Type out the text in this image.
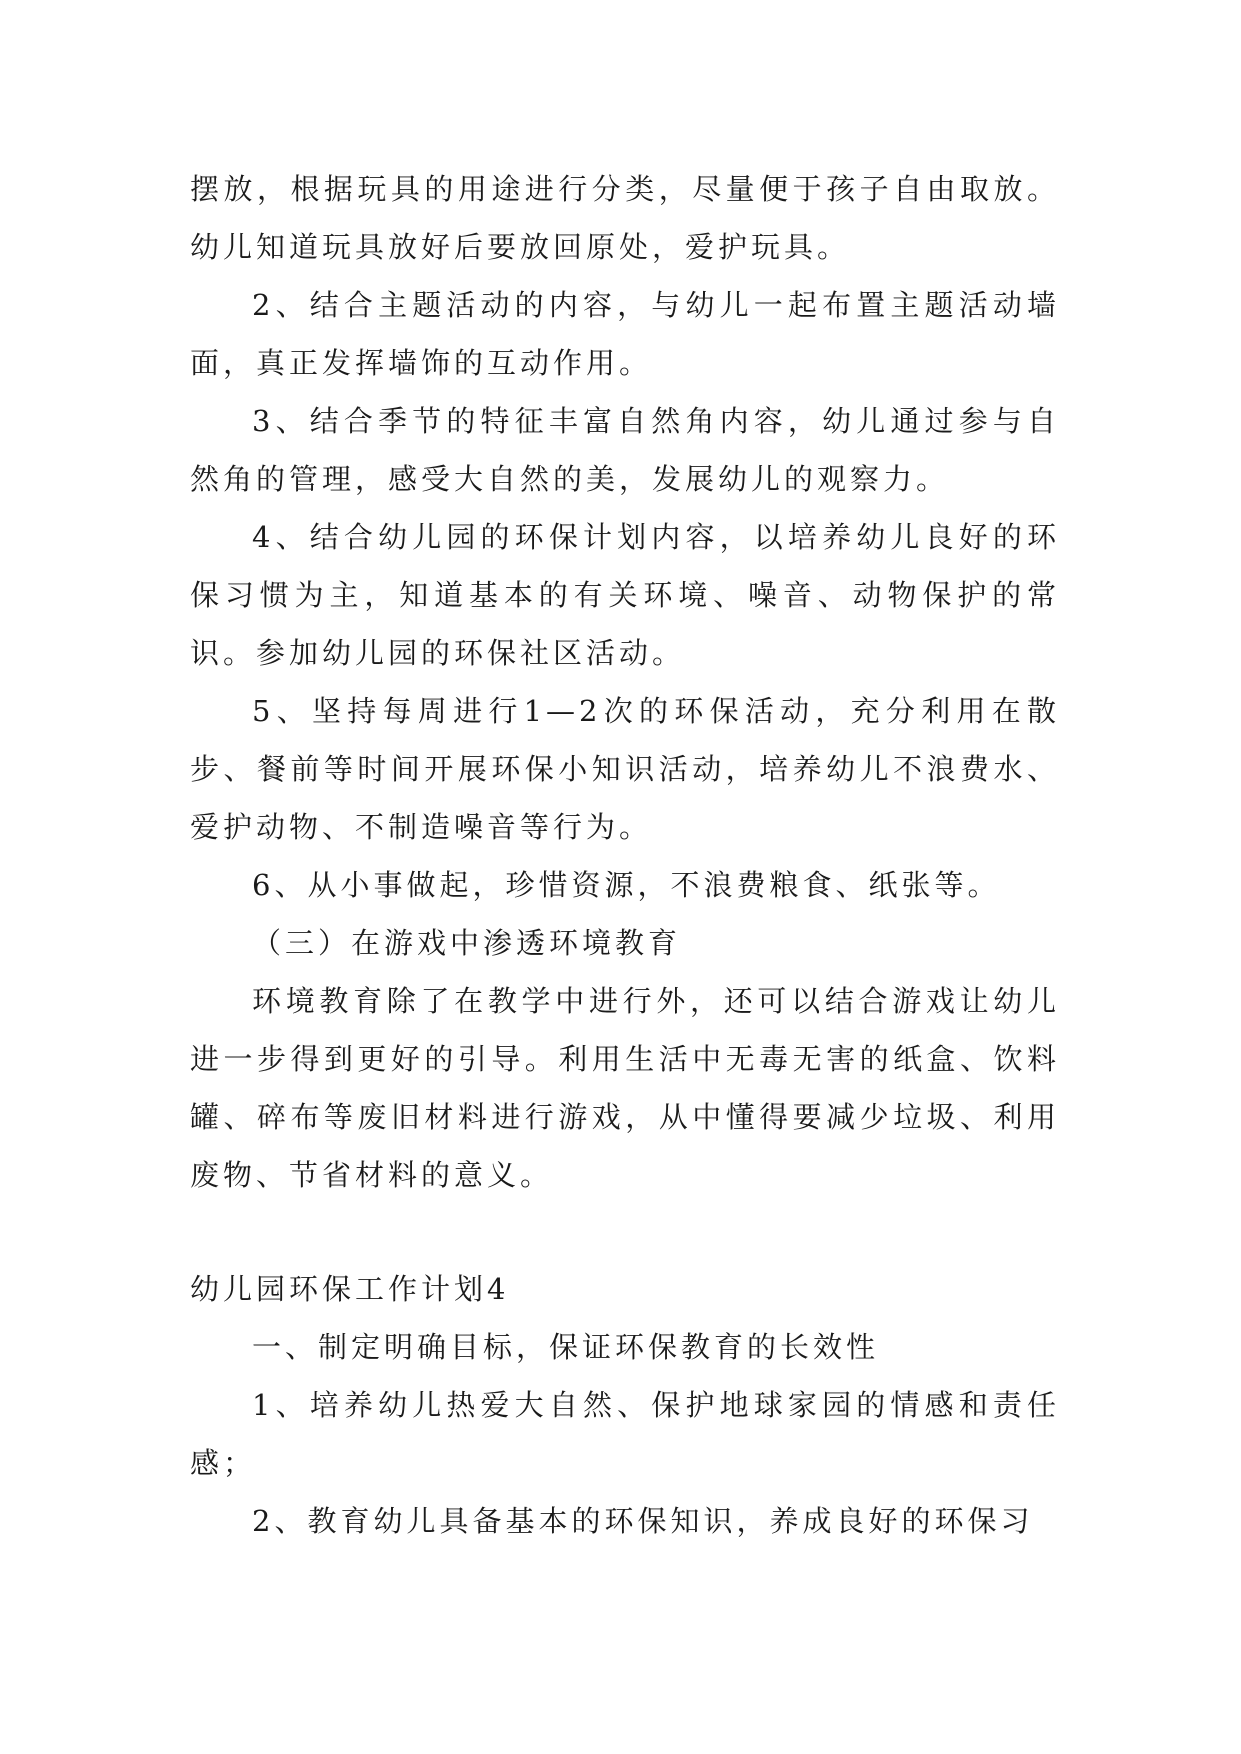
摆放，根据玩具的用途进行分类，尽量便于孩子自由取放。幼儿知道玩具放好后要放回原处，爱护玩具。

2、结合主题活动的内容，与幼儿一起布置主题活动墙面，真正发挥墙饰的互动作用。

3、结合季节的特征丰富自然角内容，幼儿通过参与自然角的管理，感受大自然的美，发展幼儿的观察力。

4、结合幼儿园的环保计划内容，以培养幼儿良好的环保习惯为主，知道基本的有关环境、噪音、动物保护的常识。参加幼儿园的环保社区活动。

5、坚持每周进行1—2次的环保活动，充分利用在散步、餐前等时间开展环保小知识活动，培养幼儿不浪费水、爱护动物、不制造噪音等行为。

6、从小事做起，珍惜资源，不浪费粮食、纸张等。

（三）在游戏中渗透环境教育

环境教育除了在教学中进行外，还可以结合游戏让幼儿进一步得到更好的引导。利用生活中无毒无害的纸盒、饮料罐、碎布等废旧材料进行游戏，从中懂得要减少垃圾、利用废物、节省材料的意义。

幼儿园环保工作计划4

一、制定明确目标，保证环保教育的长效性

1、培养幼儿热爱大自然、保护地球家园的情感和责任感；

2、教育幼儿具备基本的环保知识，养成良好的环保习
